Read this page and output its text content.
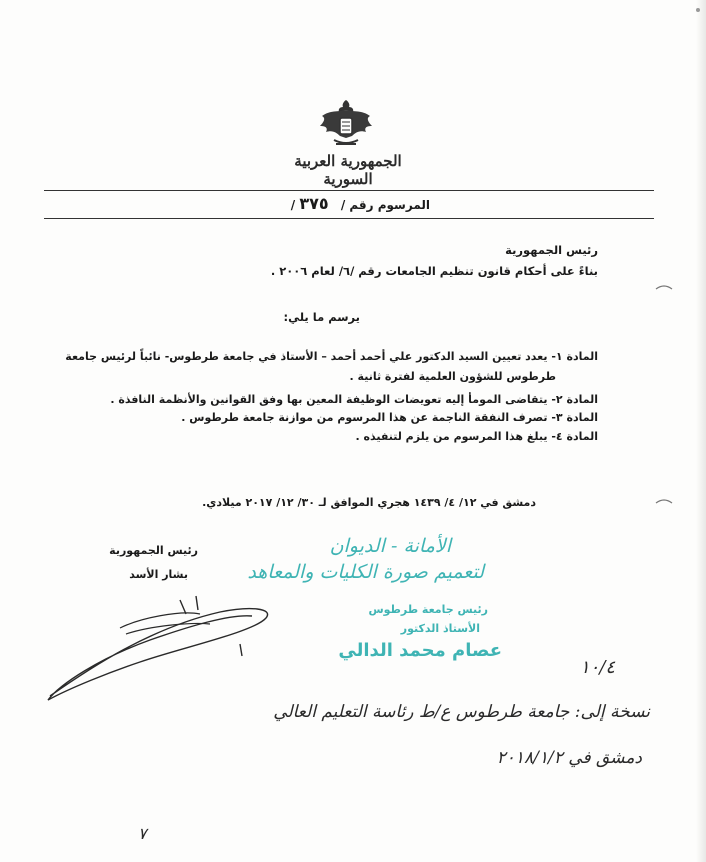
الجمهورية العربية السورية
المرسوم رقم / ٣٧٥ /
رئيس الجمهورية
بناءً على أحكام قانون تنظيم الجامعات رقم /٦/ لعام ٢٠٠٦ .
يرسم ما يلي:
المادة ١- يعدد تعيين السيد الدكتور علي أحمد أحمد – الأستاذ في جامعة طرطوس- نائباً لرئيس جامعة
طرطوس للشؤون العلمية لفترة ثانية .
المادة ٢- يتقاضى المومأ إليه تعويضات الوظيفة المعين بها وفق القوانين والأنظمة النافذة .
المادة ٣- تصرف النفقة الناجمة عن هذا المرسوم من موازنة جامعة طرطوس .
المادة ٤- يبلغ هذا المرسوم من يلزم لتنفيذه .
دمشق في ١٢/ ٤/ ١٤٣٩ هجري الموافق لـ ٣٠/ ١٢/ ٢٠١٧ ميلادي.
رئيس الجمهورية
بشار الأسد
الأمانة - الديوان
لتعميم صورة الكليات والمعاهد
رئيس جامعة طرطوس
الأستاذ الدكتور
عصام محمد الدالي
١٠/٤
نسخة إلى: جامعة طرطوس ع/ط رئاسة التعليم العالي
دمشق في ٢٠١٨/١/٢
٧
